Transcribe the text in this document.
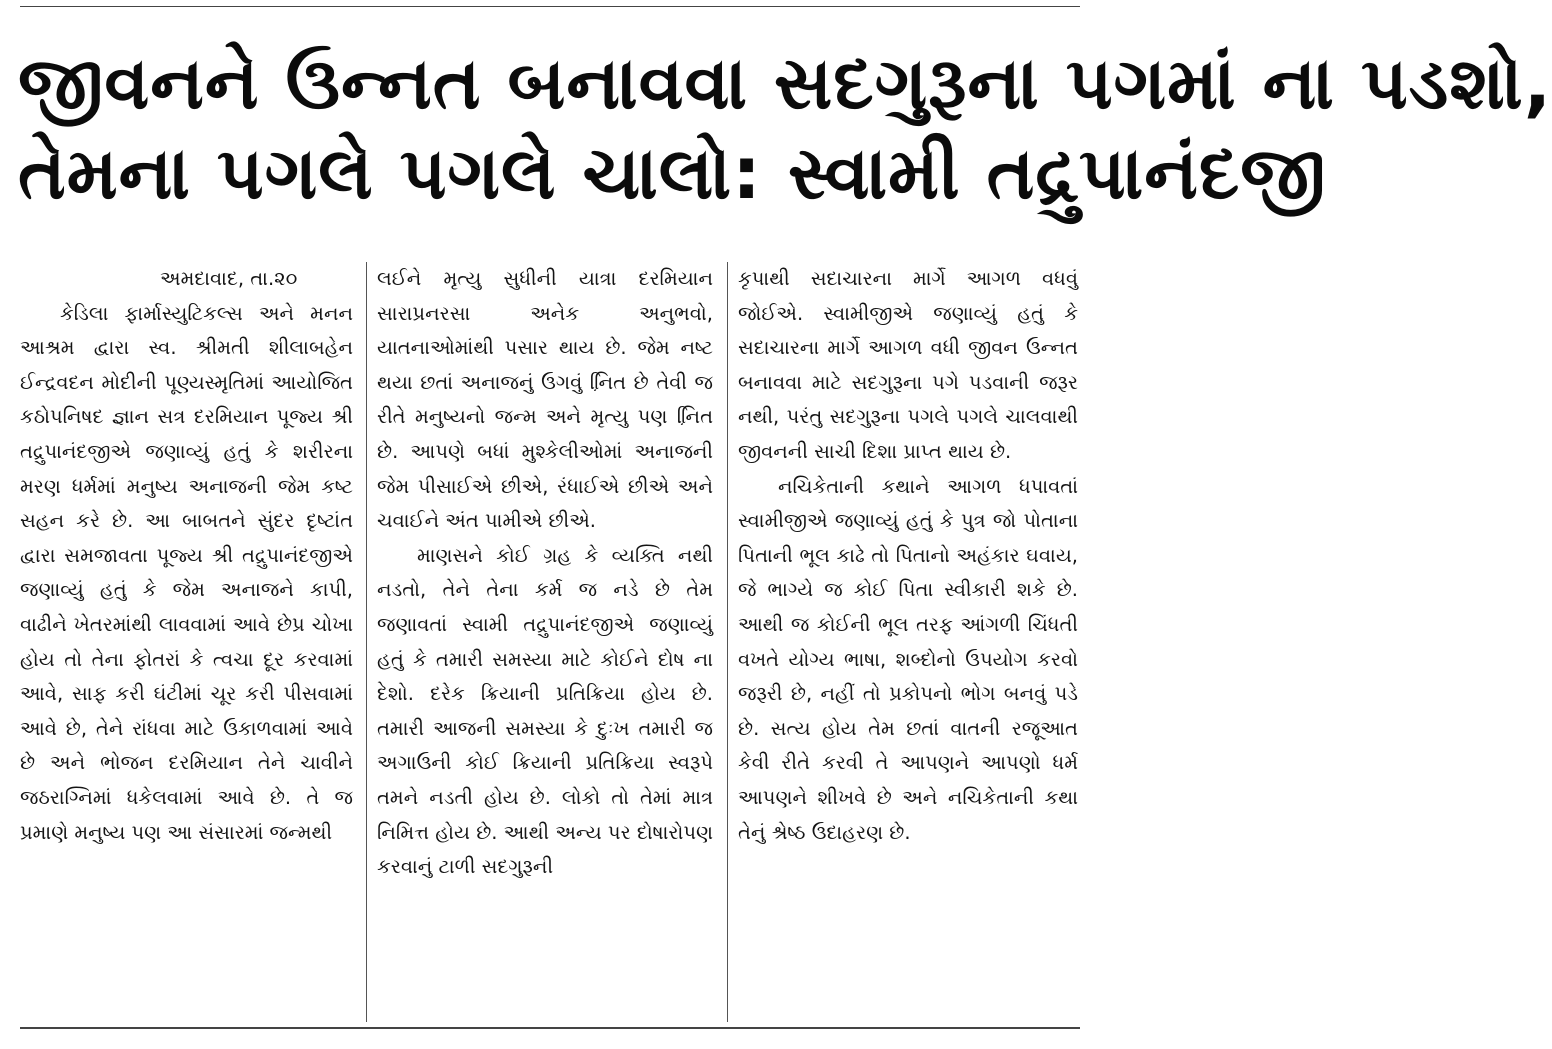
જીવનને ઉન્નત બનાવવા સદગુરૂના પગમાં ના પડશો,
તેમના પગલે પગલે ચાલો: સ્વામી તદ્રુપાનંદજી

અમદાવાદ, તા.૨૦

કેડિલા ફાર્માસ્યુટિકલ્સ અને મનન આશ્રમ દ્વારા સ્વ. શ્રીમતી શીલાબહેન ઈન્દ્રવદન મોદીની પૂણ્યસ્મૃતિમાં આયોજિત કઠોપનિષદ જ્ઞાન સત્ર દરમિયાન પૂજ્ય શ્રી તદ્રુપાનંદજીએ જણાવ્યું હતું કે શરીરના મરણ ધર્મમાં મનુષ્ય અનાજની જેમ કષ્ટ સહન કરે છે. આ બાબતને સુંદર દૃષ્ટાંત દ્વારા સમજાવતા પૂજ્ય શ્રી તદ્રુપાનંદજીએ જણાવ્યું હતું કે જેમ અનાજને કાપી, વાઢીને ખેતરમાંથી લાવવામાં આવે છેપ્ર ચોખા હોય તો તેના ફોતરાં કે ત્વચા દૂર કરવામાં આવે, સાફ કરી ઘંટીમાં ચૂર કરી પીસવામાં આવે છે, તેને રાંધવા માટે ઉકાળવામાં આવે છે અને ભોજન દરમિયાન તેને ચાવીને જઠરાગ્નિમાં ધકેલવામાં આવે છે. તે જ પ્રમાણે મનુષ્ય પણ આ સંસારમાં જન્મથી

લઈને મૃત્યુ સુધીની યાત્રા દરમિયાન સારાપ્રનરસા અનેક અનુભવો, યાતનાઓમાંથી પસાર થાય છે. જેમ નષ્ટ થયા છતાં અનાજનું ઉગવું નિ઼િત છે તેવી જ રીતે મનુષ્યનો જન્મ અને મૃત્યુ પણ નિ઼િત છે. આપણે બધાં મુશ્કેલીઓમાં અનાજની જેમ પીસાઈએ છીએ, રંધાઈએ છીએ અને ચવાઈને અંત પામીએ છીએ.

માણસને કોઈ ગ્રહ કે વ્યક્તિ નથી નડતો, તેને તેના કર્મ જ નડે છે તેમ જણાવતાં સ્વામી તદ્રુપાનંદજીએ જણાવ્યું હતું કે તમારી સમસ્યા માટે કોઈને દોષ ના દેશો. દરેક ક્રિયાની પ્રતિક્રિયા હોય છે. તમારી આજની સમસ્યા કે દુઃખ તમારી જ અગાઉની કોઈ ક્રિયાની પ્રતિક્રિયા સ્વરૂપે તમને નડતી હોય છે. લોકો તો તેમાં માત્ર નિમિત્ત હોય છે. આથી અન્ય પર દોષારોપણ કરવાનું ટાળી સદગુરૂની

કૃપાથી સદાચારના માર્ગે આગળ વધવું જોઈએ. સ્વામીજીએ જણાવ્યું હતું કે સદાચારના માર્ગે આગળ વધી જીવન ઉન્નત બનાવવા માટે સદગુરૂના પગે પડવાની જરૂર નથી, પરંતુ સદગુરૂના પગલે પગલે ચાલવાથી જીવનની સાચી દિશા પ્રાપ્ત થાય છે.

નચિકેતાની કથાને આગળ ધપાવતાં સ્વામીજીએ જણાવ્યું હતું કે પુત્ર જો પોતાના પિતાની ભૂલ કાઢે તો પિતાનો અહંકાર ઘવાય, જે ભાગ્યે જ કોઈ પિતા સ્વીકારી શકે છે. આથી જ કોઈની ભૂલ તરફ આંગળી ચિંધતી વખતે યોગ્ય ભાષા, શબ્દોનો ઉપયોગ કરવો જરૂરી છે, નહીં તો પ્રકોપનો ભોગ બનવું પડે છે. સત્ય હોય તેમ છતાં વાતની રજૂઆત કેવી રીતે કરવી તે આપણને આપણો ધર્મ આપણને શીખવે છે અને નચિકેતાની કથા તેનું શ્રેષ્ઠ ઉદાહરણ છે.
